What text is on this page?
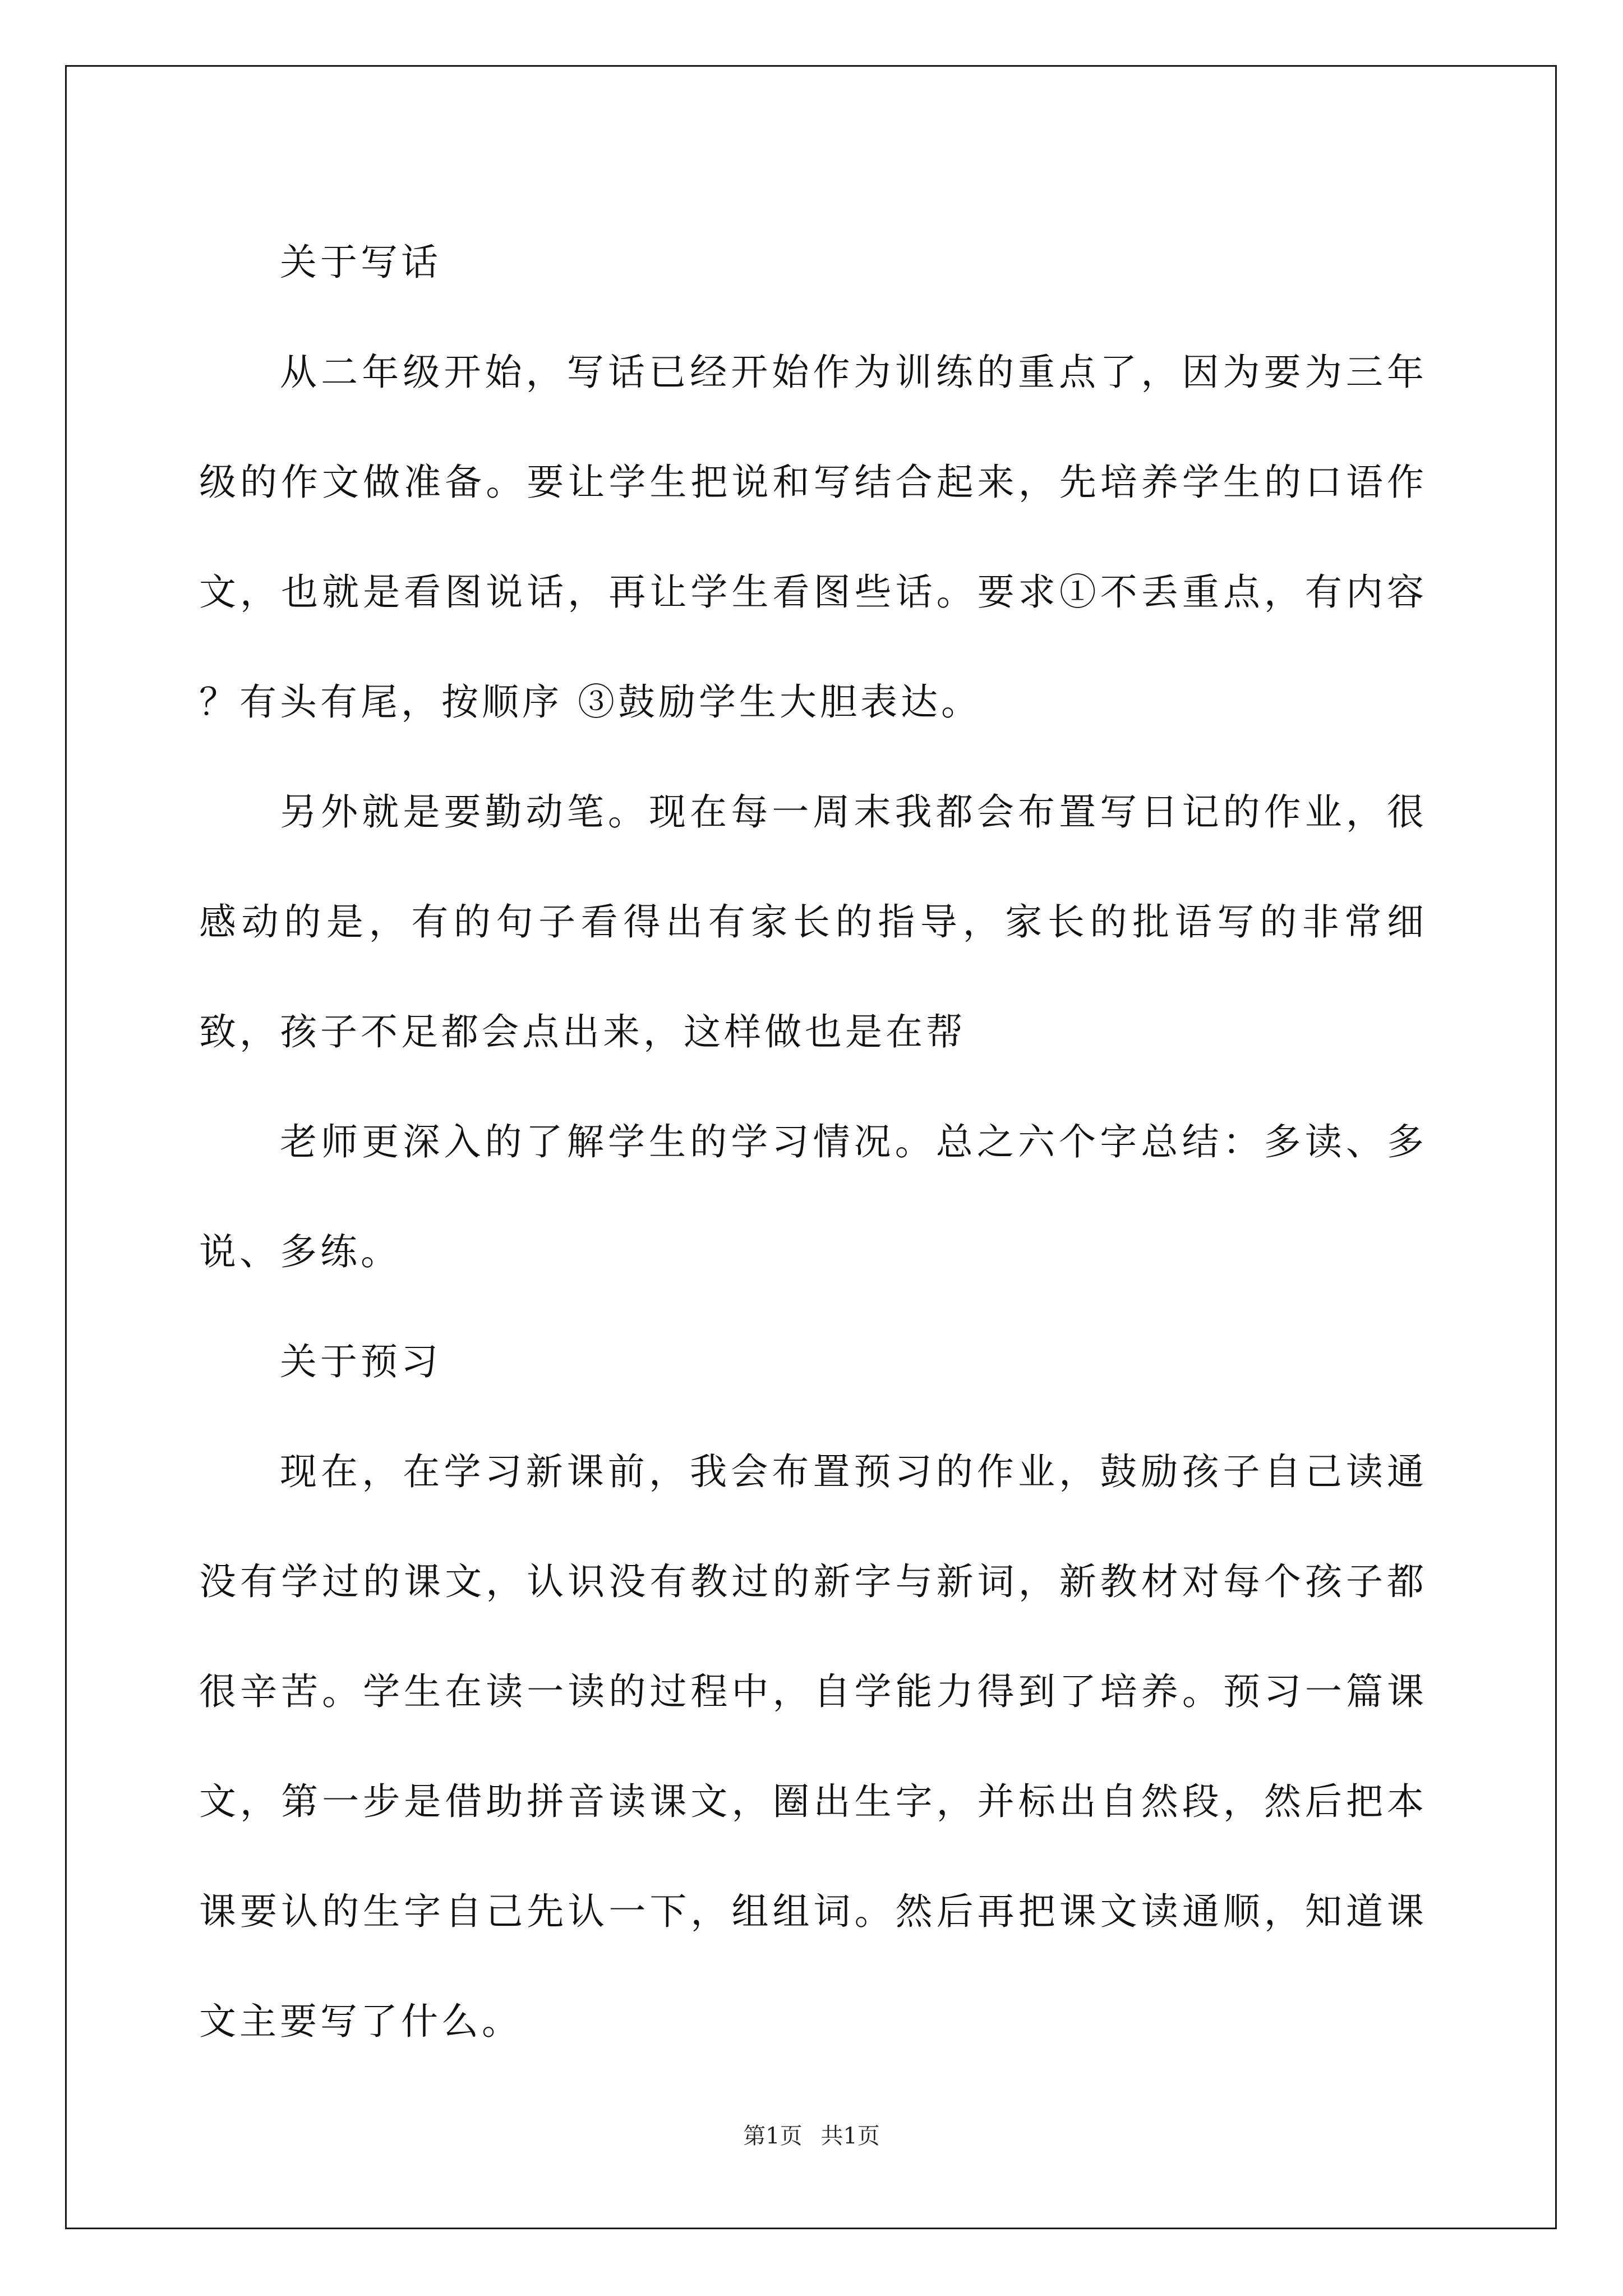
关于写话

从二年级开始，写话已经开始作为训练的重点了，因为要为三年级的作文做准备。要让学生把说和写结合起来，先培养学生的口语作文，也就是看图说话，再让学生看图些话。要求①不丢重点，有内容 ？有头有尾，按顺序 ③鼓励学生大胆表达。

另外就是要勤动笔。现在每一周末我都会布置写日记的作业，很感动的是，有的句子看得出有家长的指导，家长的批语写的非常细致，孩子不足都会点出来，这样做也是在帮

老师更深入的了解学生的学习情况。总之六个字总结：多读、多说、多练。

关于预习

现在，在学习新课前，我会布置预习的作业，鼓励孩子自己读通没有学过的课文，认识没有教过的新字与新词，新教材对每个孩子都很辛苦。学生在读一读的过程中，自学能力得到了培养。预习一篇课文，第一步是借助拼音读课文，圈出生字，并标出自然段，然后把本课要认的生字自己先认一下，组组词。然后再把课文读通顺，知道课文主要写了什么。

第1页 共1页
